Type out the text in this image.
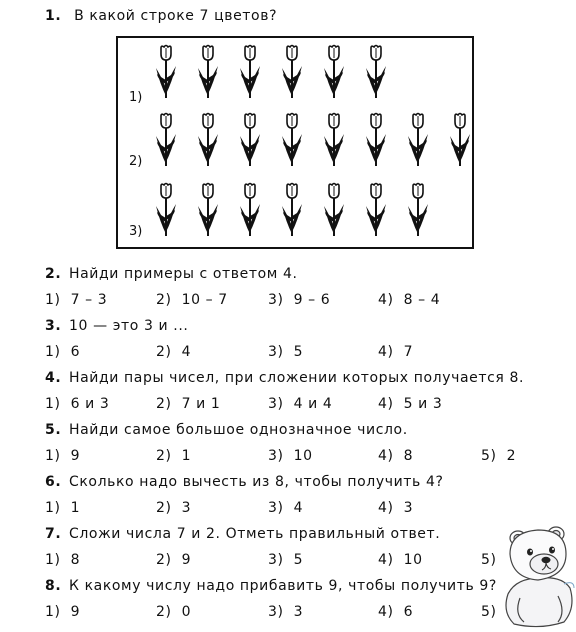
1. В какой строке 7 цветов?
1)
2)
3)
2. Найди примеры с ответом 4.
1) 7 – 3	2) 10 – 7	3) 9 – 6	4) 8 – 4
3. 10 — это 3 и ...
1) 6	2) 4	3) 5	4) 7
4. Найди пары чисел, при сложении которых получается 8.
1) 6 и 3	2) 7 и 1	3) 4 и 4	4) 5 и 3
5. Найди самое большое однозначное число.
1) 9	2) 1	3) 10	4) 8	5) 2
6. Сколько надо вычесть из 8, чтобы получить 4?
1) 1	2) 3	3) 4	4) 3
7. Сложи числа 7 и 2. Отметь правильный ответ.
1) 8	2) 9	3) 5	4) 10	5)
8. К какому числу надо прибавить 9, чтобы получить 9?
1) 9	2) 0	3) 3	4) 6	5)
